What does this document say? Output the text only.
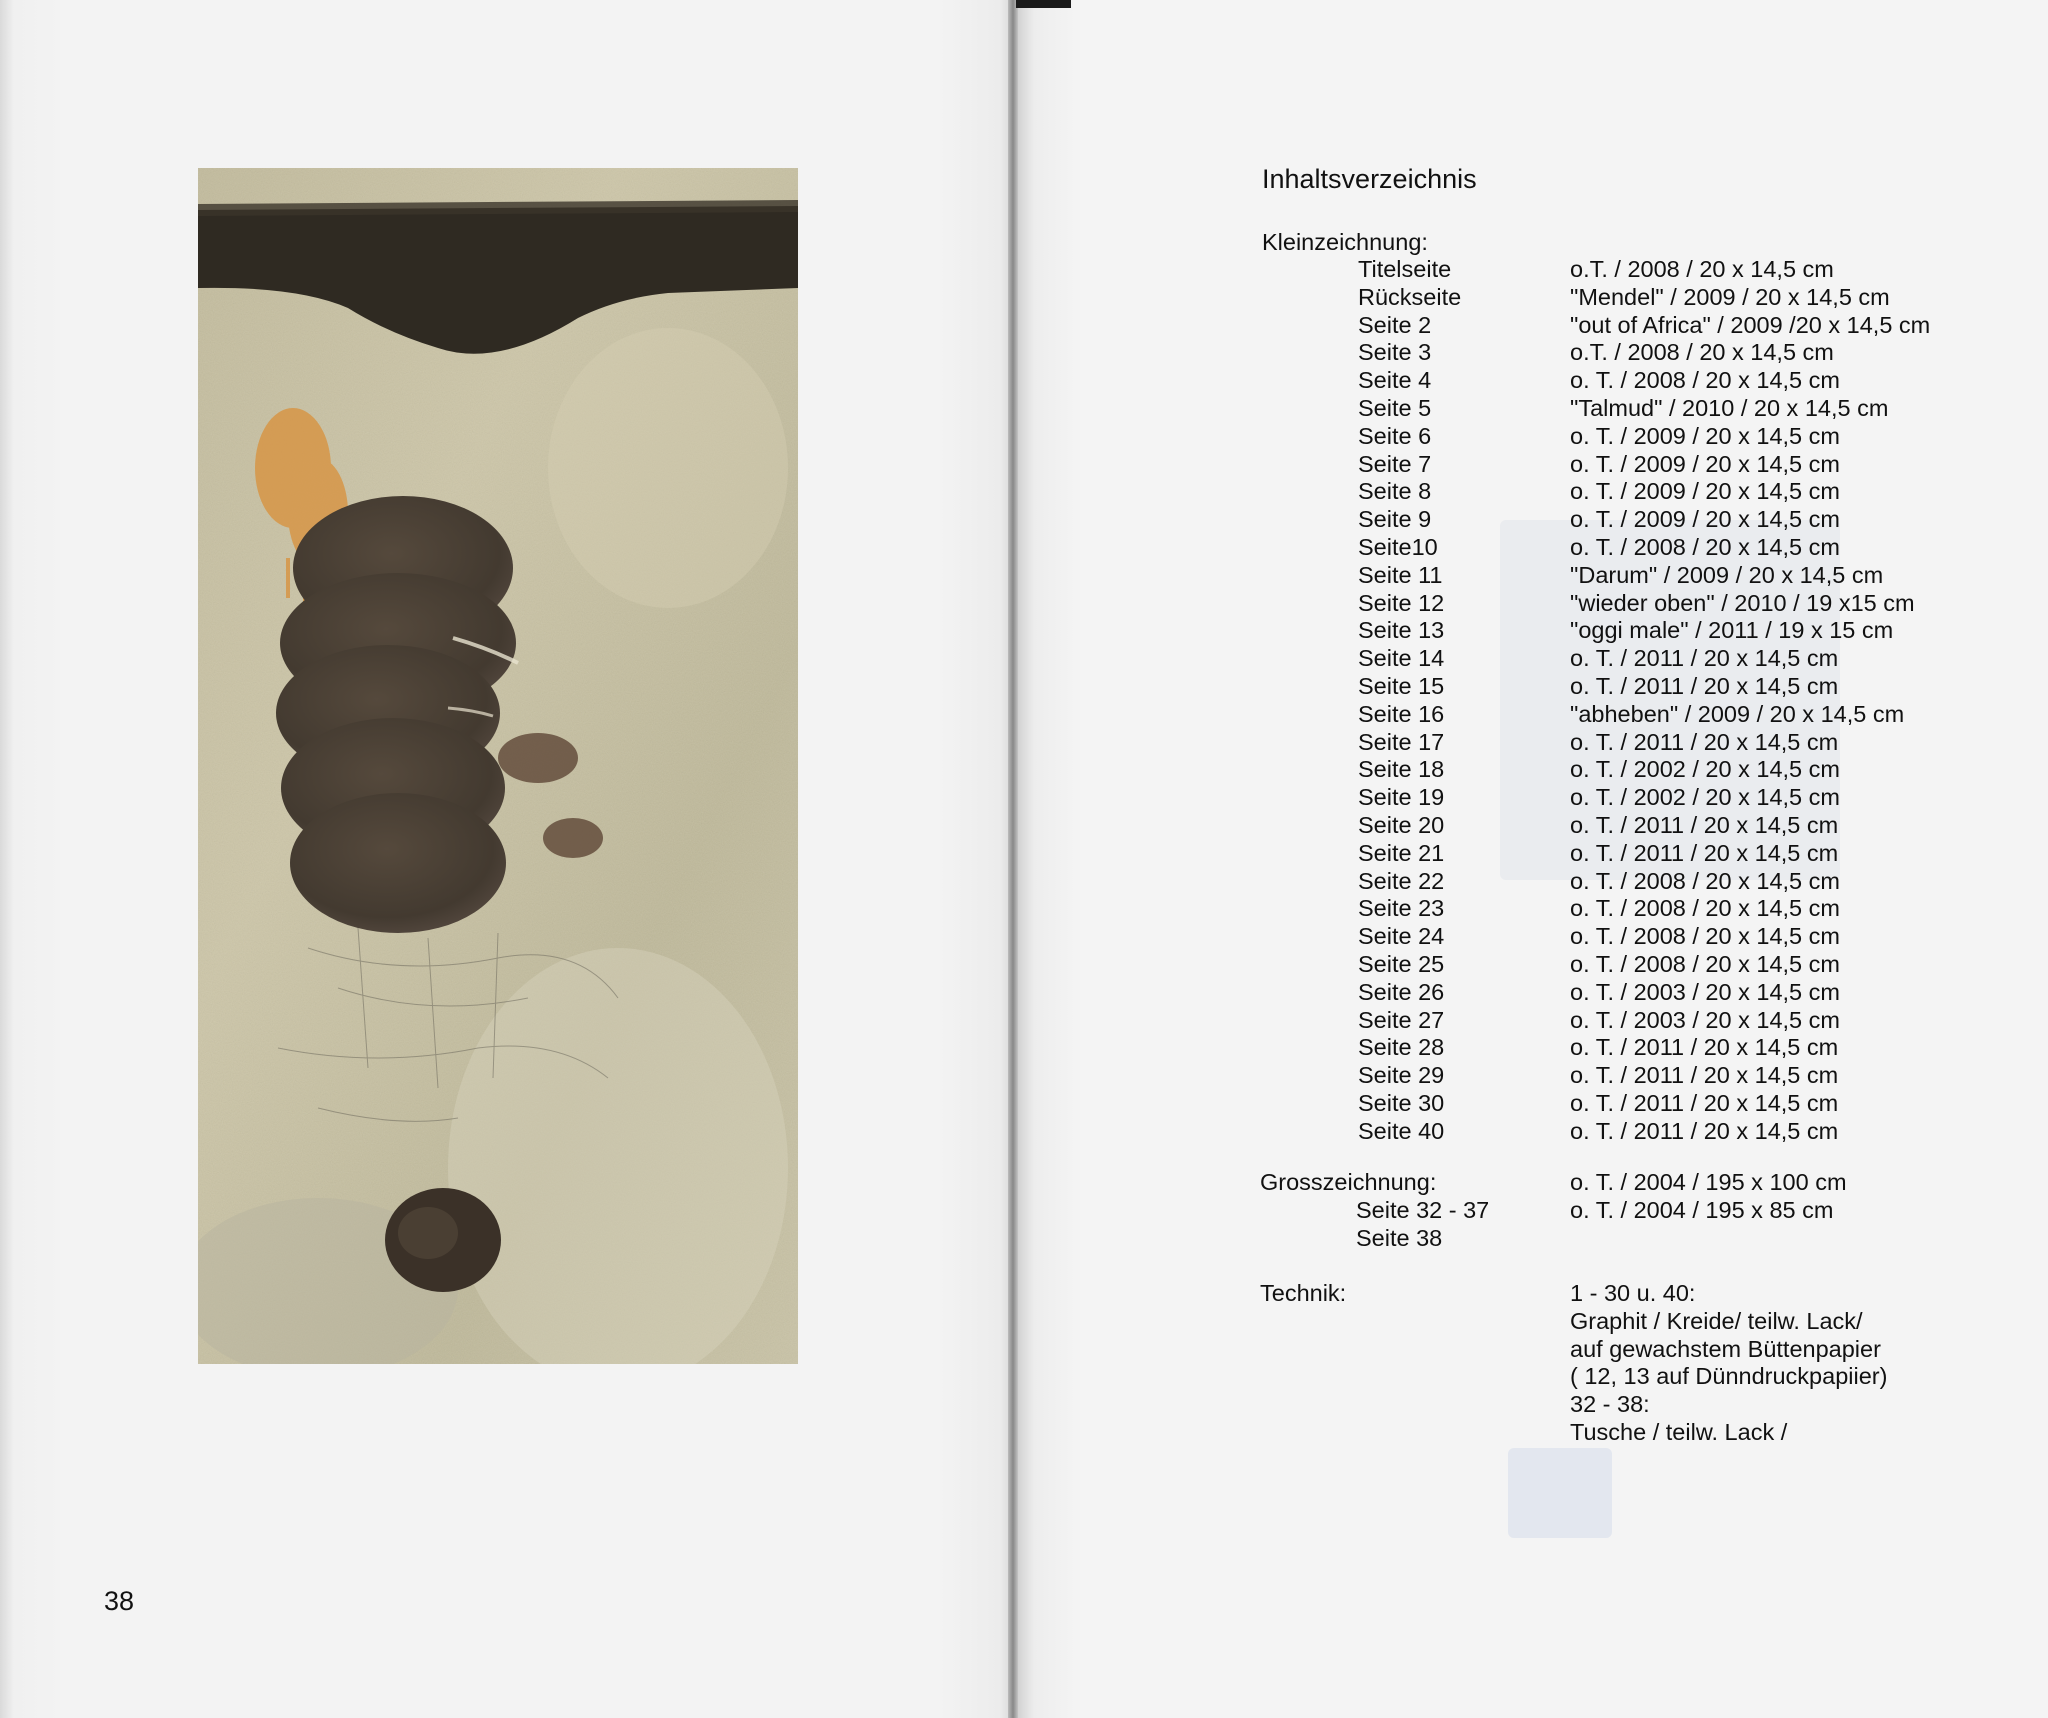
38
Inhaltsverzeichnis
Kleinzeichnung:
Titelseite
Rückseite
Seite 2
Seite 3
Seite 4
Seite 5
Seite 6
Seite 7
Seite 8
Seite 9
Seite10
Seite 11
Seite 12
Seite 13
Seite 14
Seite 15
Seite 16
Seite 17
Seite 18
Seite 19
Seite 20
Seite 21
Seite 22
Seite 23
Seite 24
Seite 25
Seite 26
Seite 27
Seite 28
Seite 29
Seite 30
Seite 40
o.T. / 2008 / 20 x 14,5 cm
"Mendel" / 2009 / 20 x 14,5 cm
"out of Africa" / 2009 /20 x 14,5 cm
o.T. / 2008 / 20 x 14,5 cm
o. T. / 2008 / 20 x 14,5 cm
"Talmud" / 2010 / 20 x 14,5 cm
o. T. / 2009 / 20 x 14,5 cm
o. T. / 2009 / 20 x 14,5 cm
o. T. / 2009 / 20 x 14,5 cm
o. T. / 2009 / 20 x 14,5 cm
o. T. / 2008 / 20 x 14,5 cm
"Darum" / 2009 / 20 x 14,5 cm
"wieder oben" / 2010 / 19 x15 cm
"oggi male" / 2011 / 19 x 15 cm
o. T. / 2011 / 20 x 14,5 cm
o. T. / 2011 / 20 x 14,5 cm
"abheben" / 2009 / 20 x 14,5 cm
o. T. / 2011 / 20 x 14,5 cm
o. T. / 2002 / 20 x 14,5 cm
o. T. / 2002 / 20 x 14,5 cm
o. T. / 2011 / 20 x 14,5 cm
o. T. / 2011 / 20 x 14,5 cm
o. T. / 2008 / 20 x 14,5 cm
o. T. / 2008 / 20 x 14,5 cm
o. T. / 2008 / 20 x 14,5 cm
o. T. / 2008 / 20 x 14,5 cm
o. T. / 2003 / 20 x 14,5 cm
o. T. / 2003 / 20 x 14,5 cm
o. T. / 2011 / 20 x 14,5 cm
o. T. / 2011 / 20 x 14,5 cm
o. T. / 2011 / 20 x 14,5 cm
o. T. / 2011 / 20 x 14,5 cm
Grosszeichnung:
Seite 32 - 37
Seite 38
o. T. / 2004 / 195 x 100 cm
o. T. / 2004 / 195 x 85 cm
Technik:	1 - 30 u. 40:
Graphit / Kreide/ teilw. Lack/
auf gewachstem Büttenpapier
( 12, 13 auf Dünndruckpapiier)
32 - 38:
Tusche / teilw. Lack /
